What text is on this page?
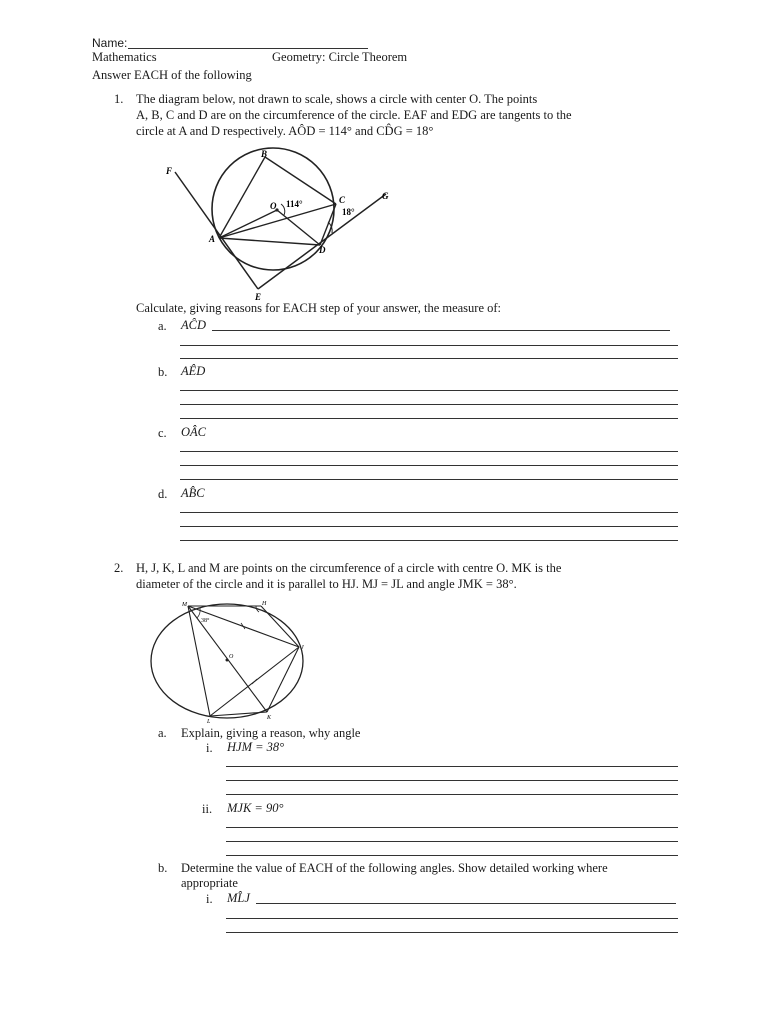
Name:
Mathematics	Geometry: Circle Theorem
Answer EACH of the following
1. The diagram below, not drawn to scale, shows a circle with center O. The points
A, B, C and D are on the circumference of the circle. EAF and EDG are tangents to the
circle at A and D respectively. AÔD = 114° and CD̂G = 18°
F
B
C	G
O 114°
18°
A
D
E
Calculate, giving reasons for EACH step of your answer, the measure of:
a. AĈD
b. AÊD
c. OÂC
d. AB̂C
2. H, J, K, L and M are points on the circumference of a circle with centre O. MK is the
diameter of the circle and it is parallel to HJ. MJ = JL and angle JMK = 38°.
M	H
38°
O
J
L
K
a. Explain, giving a reason, why angle
i. HJM = 38°
ii. MJK = 90°
b. Determine the value of EACH of the following angles. Show detailed working where
appropriate
i. ML̂J
